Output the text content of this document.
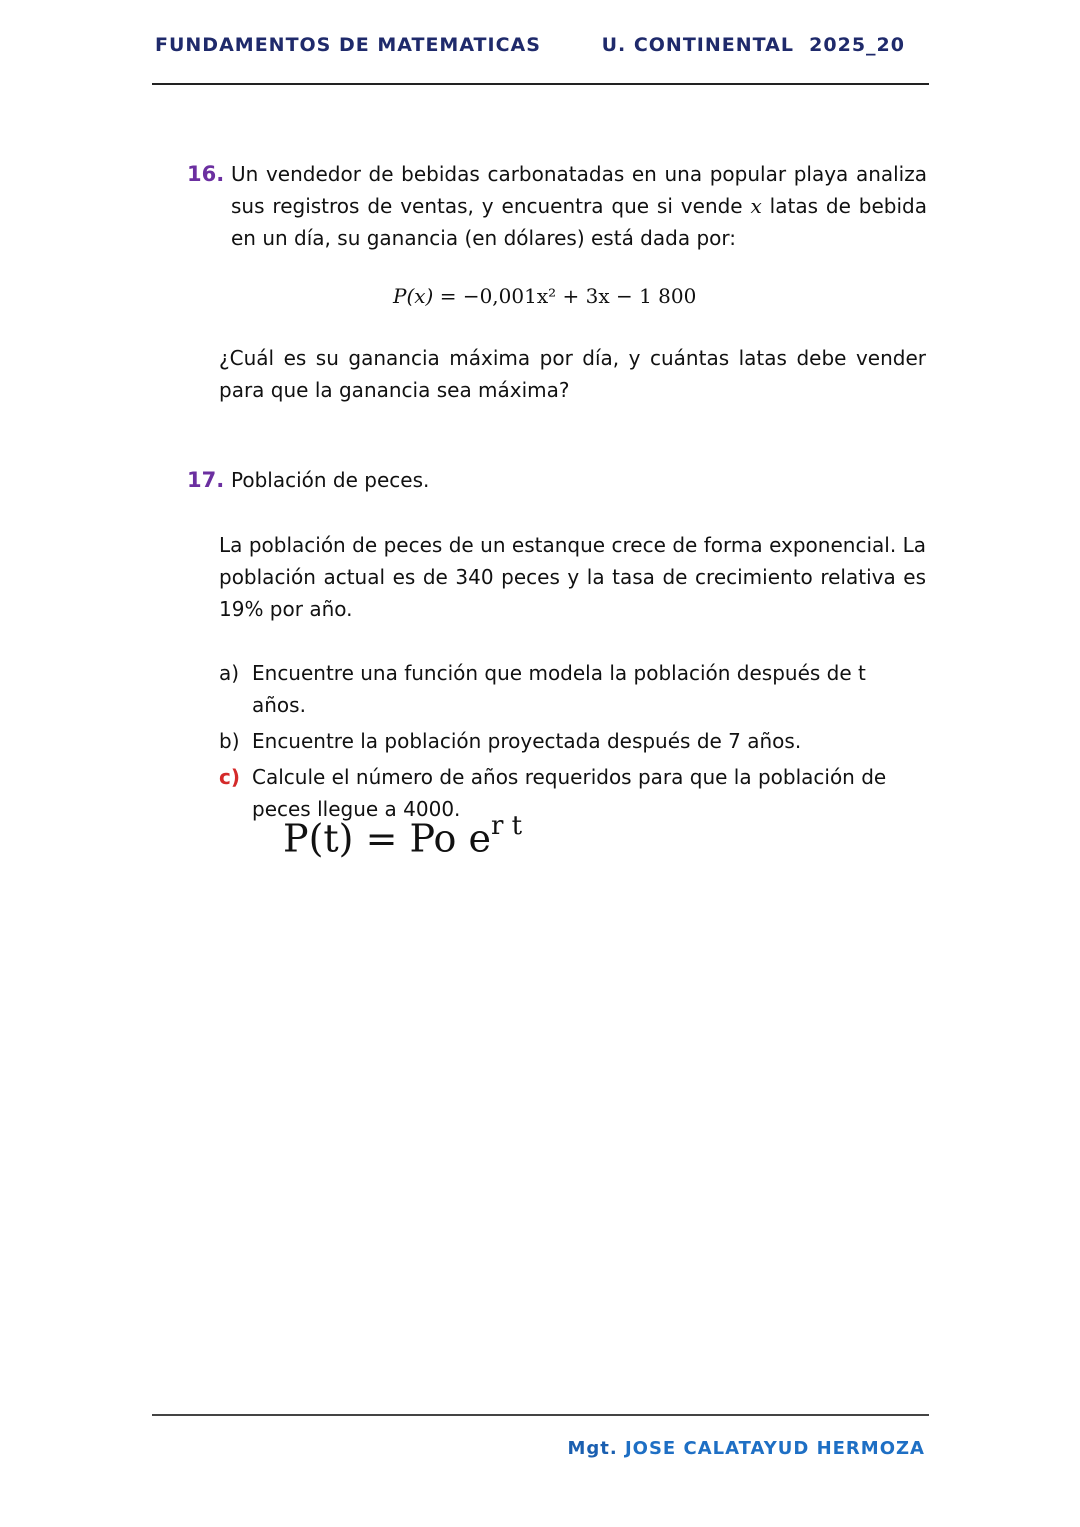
FUNDAMENTOS DE MATEMATICAS	U. CONTINENTAL  2025_20
16. Un vendedor de bebidas carbonatadas en una popular playa analiza sus registros de ventas, y encuentra que si vende x latas de bebida en un día, su ganancia (en dólares) está dada por:
P(x) = −0,001x² + 3x − 1 800
¿Cuál es su ganancia máxima por día, y cuántas latas debe vender para que la ganancia sea máxima?
17. Población de peces.
La población de peces de un estanque crece de forma exponencial. La población actual es de 340 peces y la tasa de crecimiento relativa es 19% por año.
a) Encuentre una función que modela la población después de t años.
b) Encuentre la población proyectada después de 7 años.
c) Calcule el número de años requeridos para que la población de peces llegue a 4000.
P(t) = Po $e^{r t}$
Mgt. JOSE CALATAYUD HERMOZA
